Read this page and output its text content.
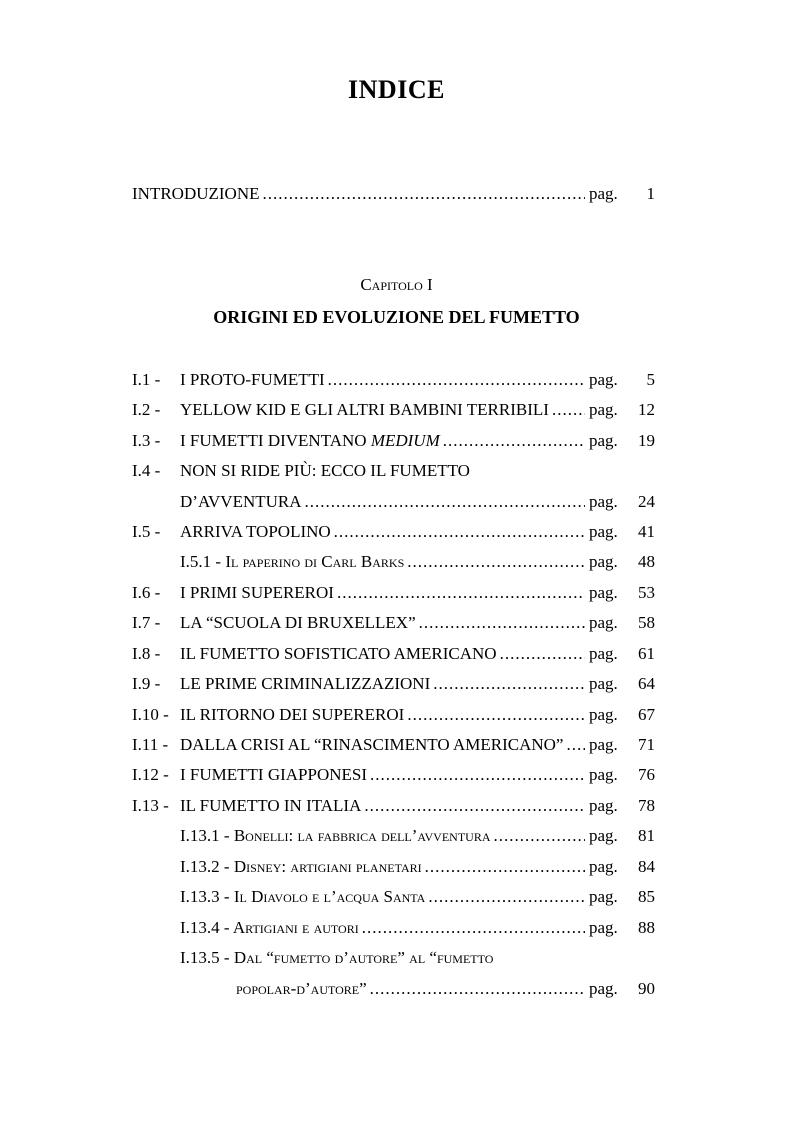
INDICE
INTRODUZIONE .....	pag.	1
Capitolo I
ORIGINI ED EVOLUZIONE DEL FUMETTO
I.1 - I PROTO-FUMETTI .....	pag.	5
I.2 - YELLOW KID E GLI ALTRI BAMBINI TERRIBILI ..... pag.	12
I.3 - I FUMETTI DIVENTANO MEDIUM .....	pag.	19
I.4 - NON SI RIDE PIÙ: ECCO IL FUMETTO
D’AVVENTURA .....	pag.	24
I.5 - ARRIVA TOPOLINO .....	pag.	41
I.5.1 - Il paperino di Carl Barks .....	pag.	48
I.6 - I PRIMI SUPEREROI .....	pag.	53
I.7 - LA “SCUOLA DI BRUXELLEX” .....	pag.	58
I.8 - IL FUMETTO SOFISTICATO AMERICANO .....	pag.	61
I.9 - LE PRIME CRIMINALIZZAZIONI .....	pag.	64
I.10 - IL RITORNO DEI SUPEREROI .....	pag.	67
I.11 - DALLA CRISI AL “RINASCIMENTO AMERICANO” ..... pag.	71
I.12 - I FUMETTI GIAPPONESI .....	pag.	76
I.13 - IL FUMETTO IN ITALIA .....	pag.	78
I.13.1 - Bonelli: la fabbrica dell’avventura .....	pag.	81
I.13.2 - Disney: artigiani planetari .....	pag.	84
I.13.3 - Il Diavolo e l’acqua Santa .....	pag.	85
I.13.4 - Artigiani e autori .....	pag.	88
I.13.5 - Dal “fumetto d’autore” al “fumetto
popolar-d’autore” .....	pag.	90
